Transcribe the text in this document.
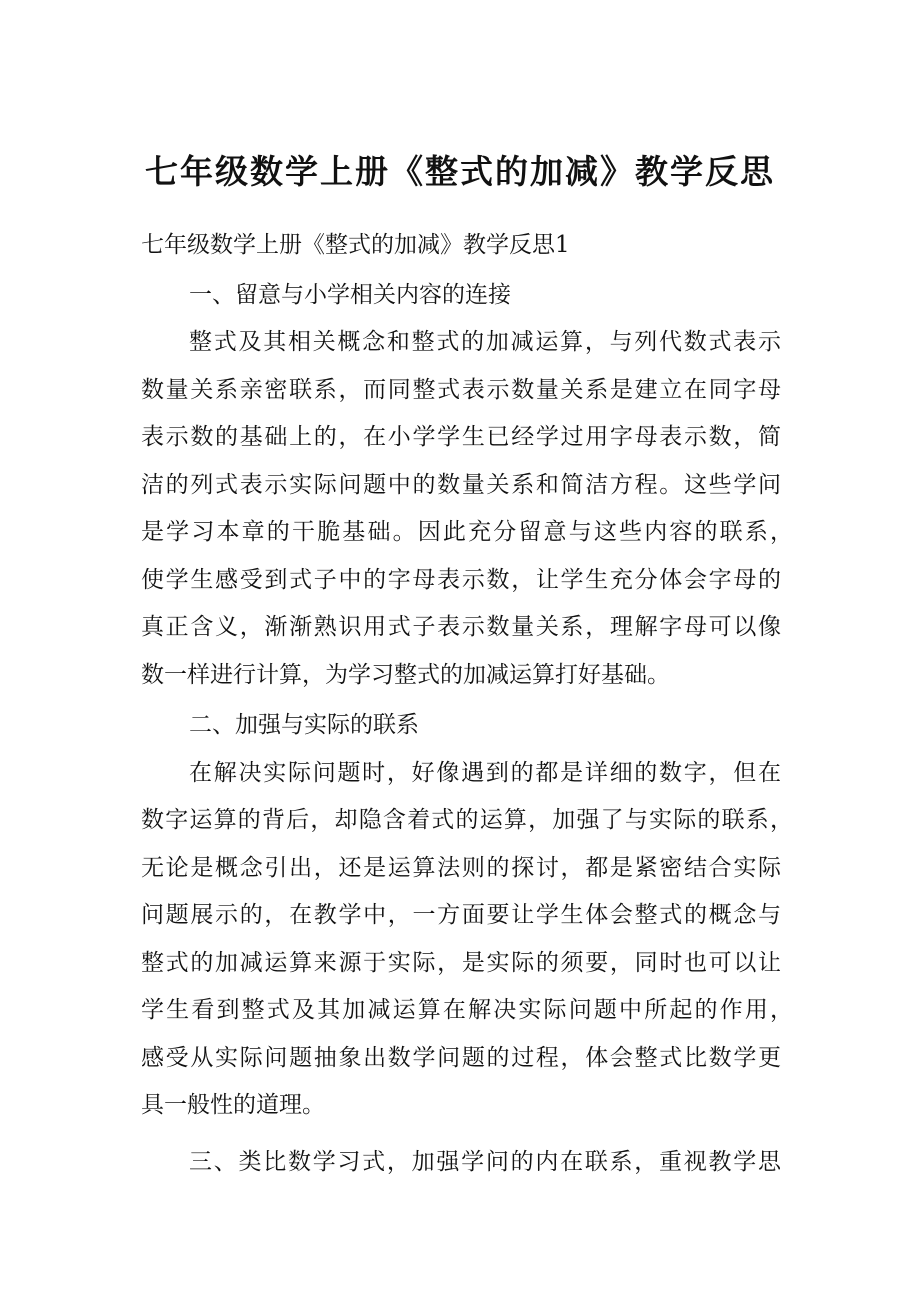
七年级数学上册《整式的加减》教学反思
七年级数学上册《整式的加减》教学反思1
一、留意与小学相关内容的连接
整式及其相关概念和整式的加减运算，与列代数式表示
数量关系亲密联系，而同整式表示数量关系是建立在同字母
表示数的基础上的，在小学学生已经学过用字母表示数，简
洁的列式表示实际问题中的数量关系和简洁方程。这些学问
是学习本章的干脆基础。因此充分留意与这些内容的联系，
使学生感受到式子中的字母表示数，让学生充分体会字母的
真正含义，渐渐熟识用式子表示数量关系，理解字母可以像
数一样进行计算，为学习整式的加减运算打好基础。
二、加强与实际的联系
在解决实际问题时，好像遇到的都是详细的数字，但在
数字运算的背后，却隐含着式的运算，加强了与实际的联系，
无论是概念引出，还是运算法则的探讨，都是紧密结合实际
问题展示的，在教学中，一方面要让学生体会整式的概念与
整式的加减运算来源于实际，是实际的须要，同时也可以让
学生看到整式及其加减运算在解决实际问题中所起的作用，
感受从实际问题抽象出数学问题的过程，体会整式比数学更
具一般性的道理。
三、类比数学习式，加强学问的内在联系，重视教学思
